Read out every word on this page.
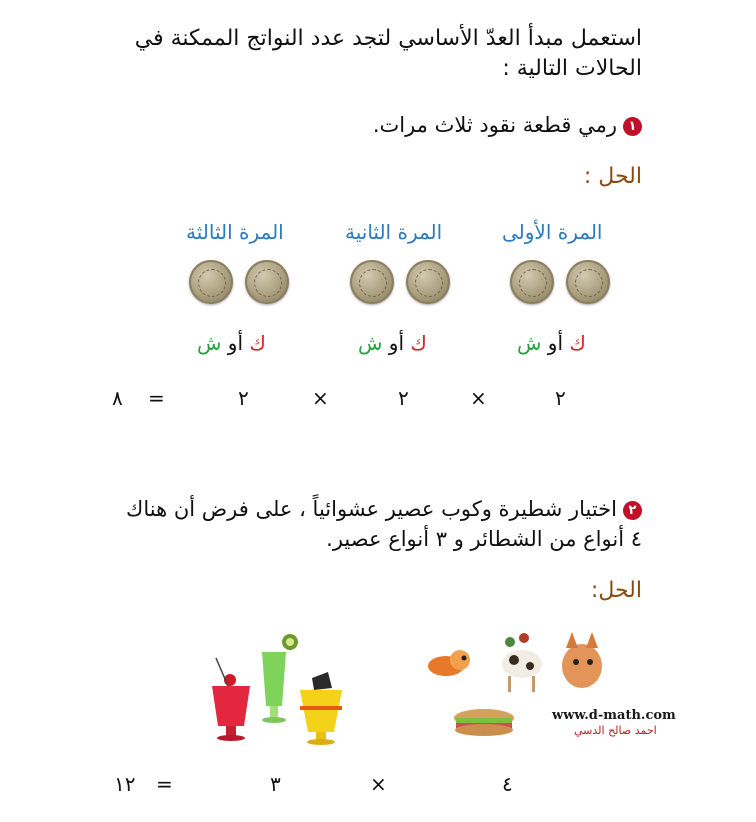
استعمل مبدأ العدّ الأساسي لتجد عدد النواتج الممكنة في
الحالات التالية :
١رمي قطعة نقود ثلاث مرات.
الحل :
المرة الأولى
المرة الثانية
المرة الثالثة
ك أو ش
ك أو ش
ك أو ش
٢
×
٢
×
٢
=
٨
٢اختيار شطيرة وكوب عصير عشوائياً ، على فرض أن هناك
٤ أنواع من الشطائر و ٣ أنواع عصير.
الحل:
www.d-math.com
احمد صالح الدسي
٤
×
٣
=
١٢
